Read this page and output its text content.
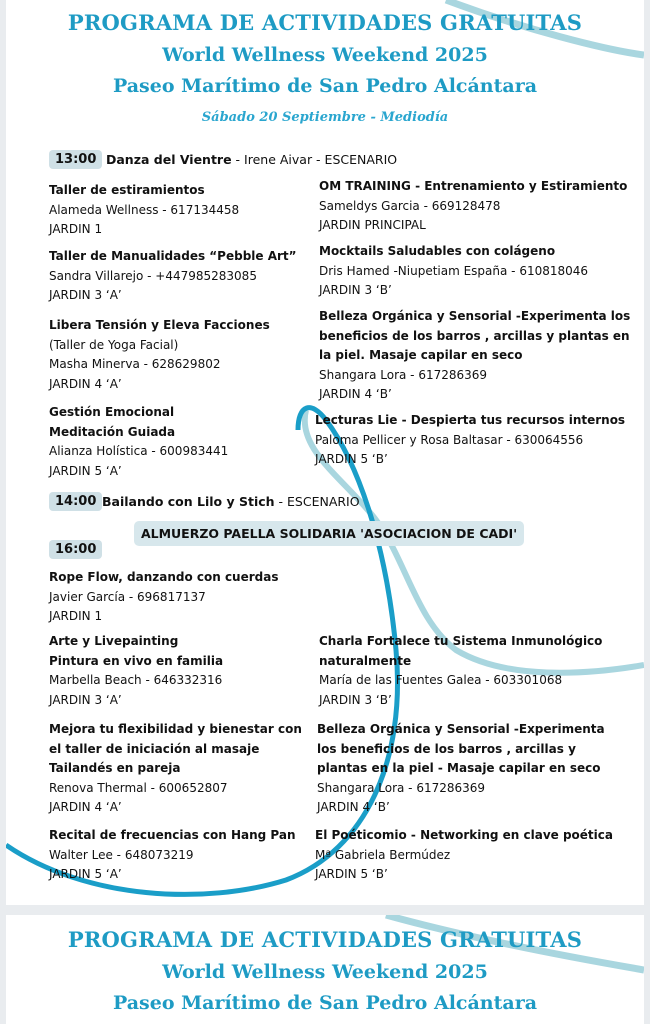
PROGRAMA DE ACTIVIDADES GRATUITAS
World Wellness Weekend 2025
Paseo Marítimo de San Pedro Alcántara
Sábado 20 Septiembre - Mediodía
13:00 Danza del Vientre - Irene Aivar - ESCENARIO
Taller de estiramientos
Alameda Wellness - 617134458
JARDIN 1
Taller de Manualidades “Pebble Art”
Sandra Villarejo - +447985283085
JARDIN 3 ‘A’
Libera Tensión y Eleva Facciones
(Taller de Yoga Facial)
Masha Minerva - 628629802
JARDIN 4 ‘A’
Gestión Emocional
Meditación Guiada
Alianza Holística - 600983441
JARDIN 5 ‘A’
OM TRAINING - Entrenamiento y Estiramiento
Sameldys Garcia - 669128478
JARDIN PRINCIPAL
Mocktails Saludables con colágeno
Dris Hamed -Niupetiam España - 610818046
JARDIN 3 ‘B’
Belleza Orgánica y Sensorial -Experimenta los
beneficios de los barros , arcillas y plantas en
la piel. Masaje capilar en seco
Shangara Lora - 617286369
JARDIN 4 ‘B’
Lecturas Lie - Despierta tus recursos internos
Paloma Pellicer y Rosa Baltasar - 630064556
JARDIN 5 ‘B’
14:00 Bailando con Lilo y Stich - ESCENARIO
ALMUERZO PAELLA SOLIDARIA 'ASOCIACION DE CADI'
16:00
Rope Flow, danzando con cuerdas
Javier García - 696817137
JARDIN 1
Arte y Livepainting
Pintura en vivo en familia
Marbella Beach - 646332316
JARDIN 3 ‘A’
Mejora tu flexibilidad y bienestar con
el taller de iniciación al masaje
Tailandés en pareja
Renova Thermal - 600652807
JARDIN 4 ‘A’
Recital de frecuencias con Hang Pan
Walter Lee - 648073219
JARDIN 5 ‘A’
Charla Fortalece tu Sistema Inmunológico
naturalmente
María de las Fuentes Galea - 603301068
JARDIN 3 ‘B’
Belleza Orgánica y Sensorial -Experimenta
los beneficios de los barros , arcillas y
plantas en la piel - Masaje capilar en seco
Shangara Lora - 617286369
JARDIN 4 ‘B’
El Poéticomio - Networking en clave poética
Mª Gabriela Bermúdez
JARDIN 5 ‘B’
PROGRAMA DE ACTIVIDADES GRATUITAS
World Wellness Weekend 2025
Paseo Marítimo de San Pedro Alcántara
